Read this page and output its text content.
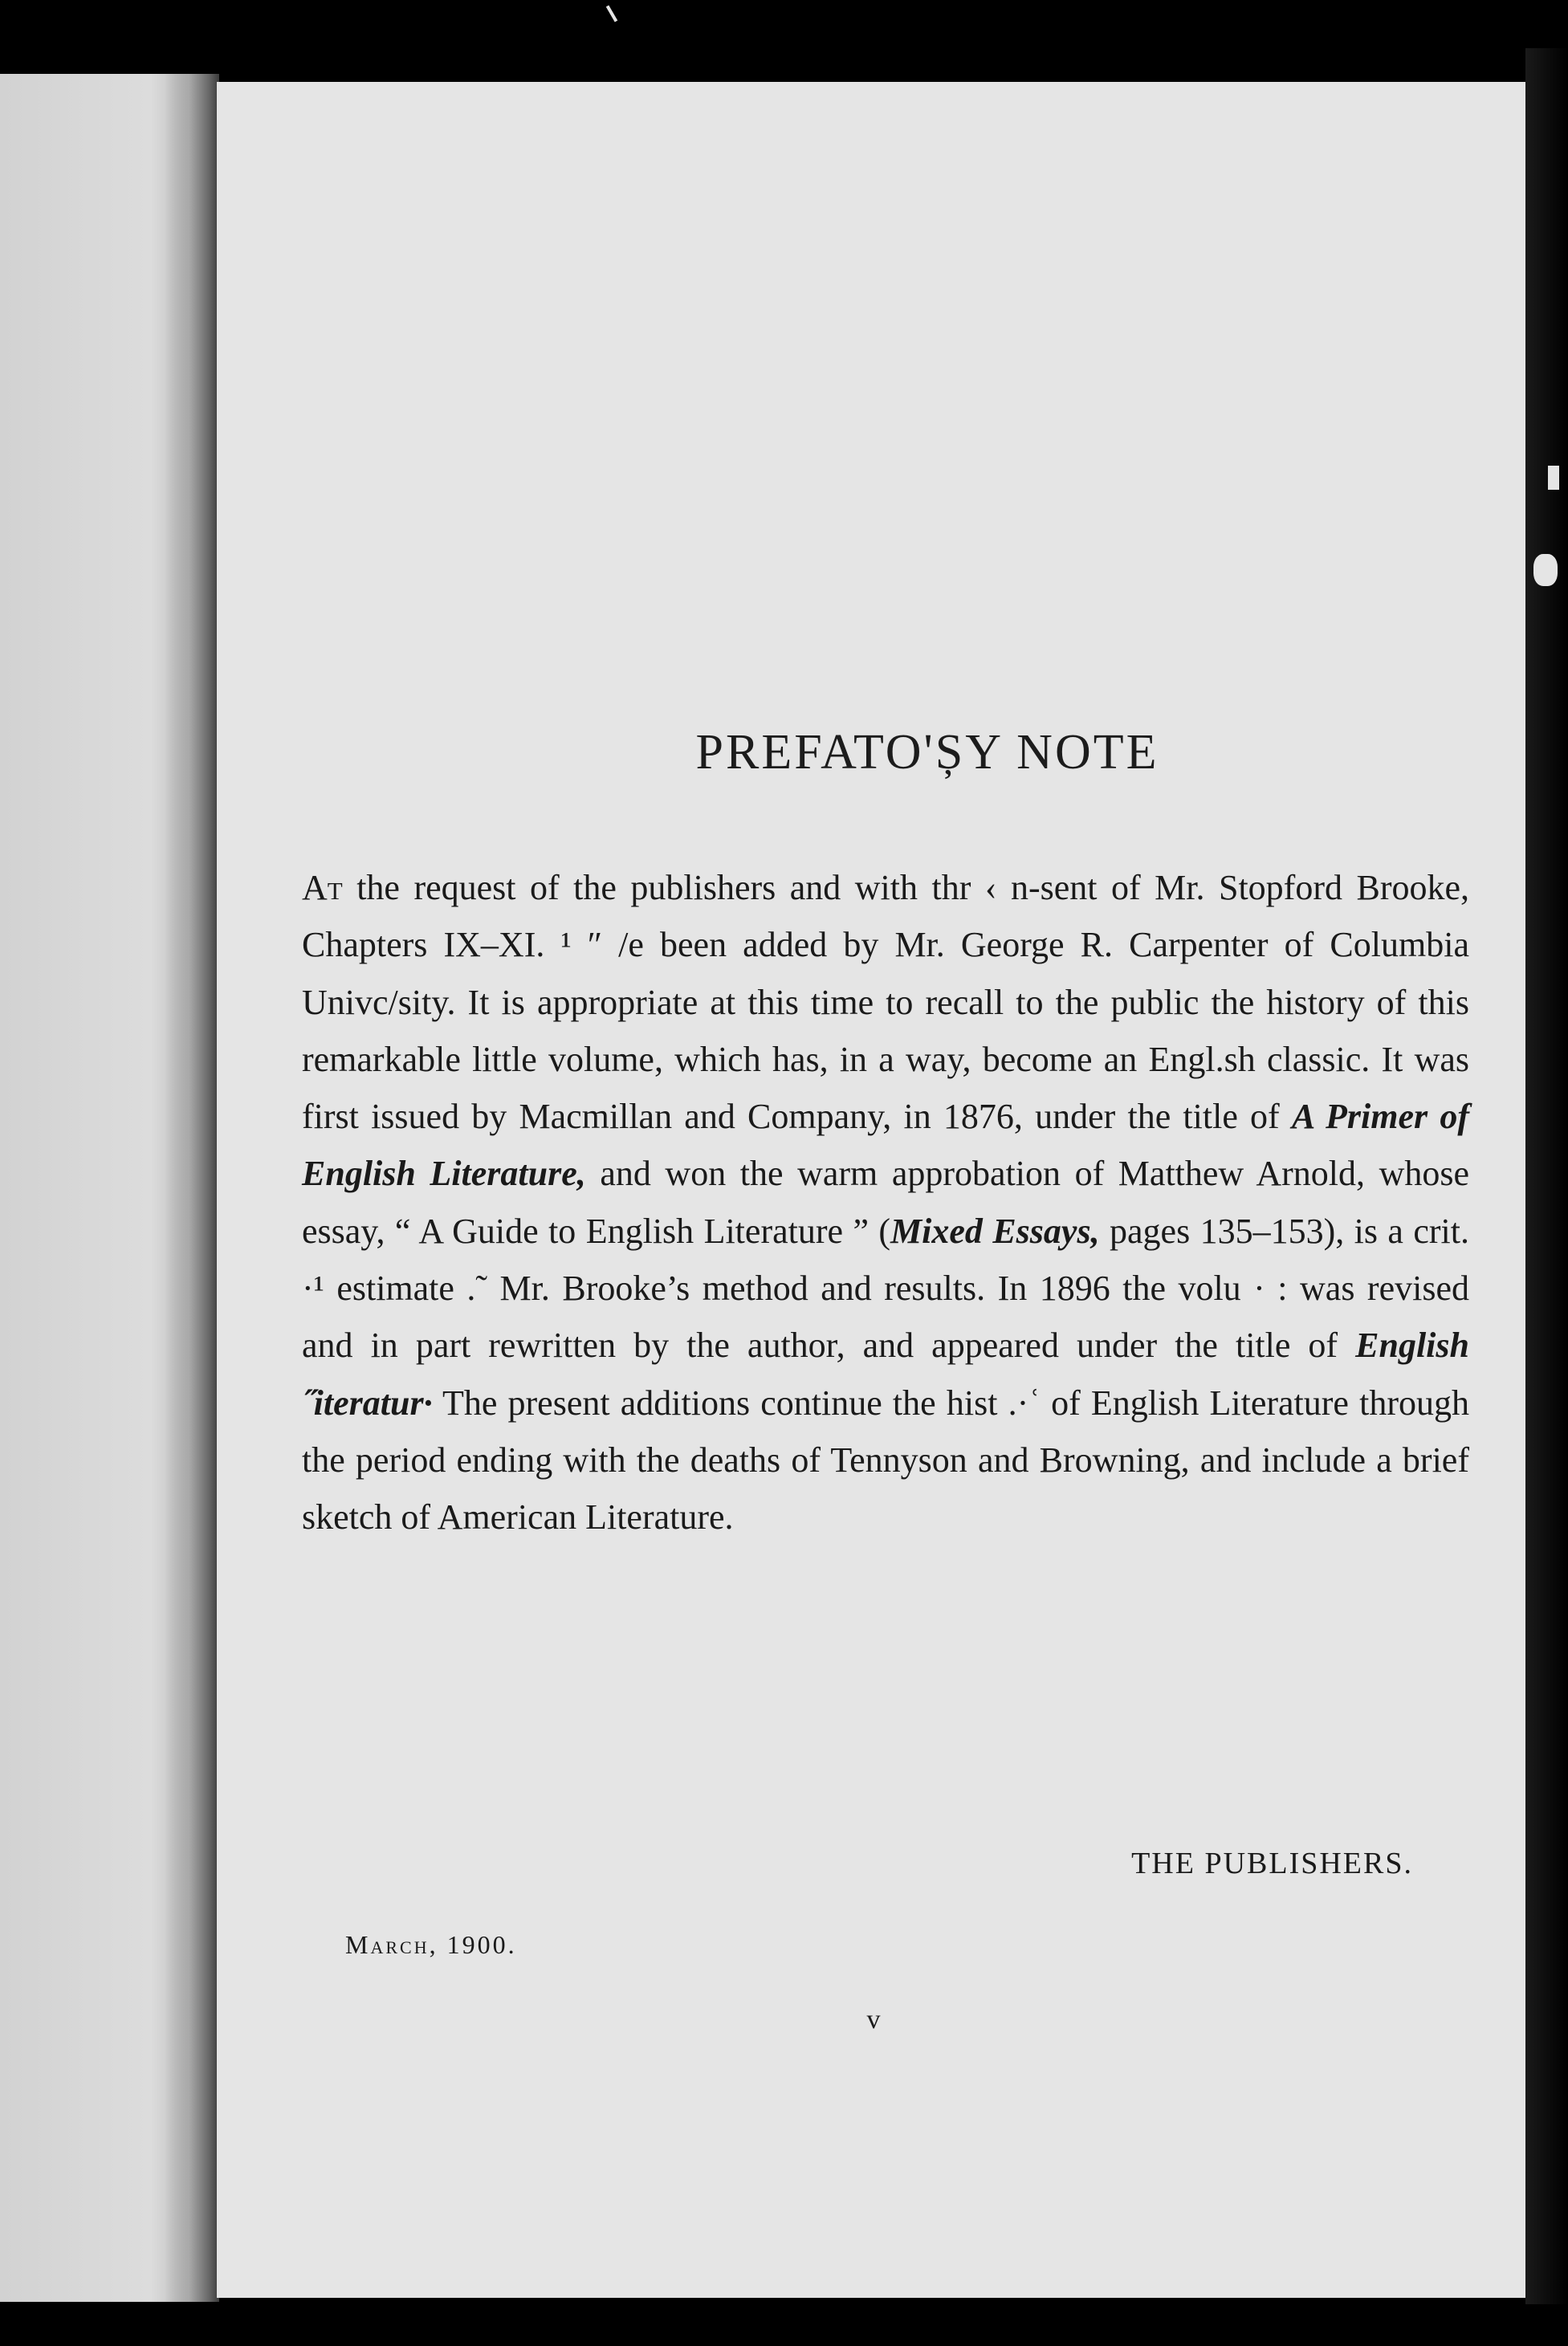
PREFATO'ȘY NOTE

At the request of the publishers and with thr ‹ n-sent of Mr. Stopford Brooke, Chapters IX–XI. ¹ ″ /e been added by Mr. George R. Carpenter of Columbia Univc/sity. It is appropriate at this time to recall to the public the history of this remarkable little volume, which has, in a way, become an Engl.sh classic. It was first issued by Macmillan and Company, in 1876, under the title of A Primer of English Literature, and won the warm approbation of Matthew Arnold, whose essay, “ A Guide to English Literature ” (Mixed Essays, pages 135–153), is a crit. ·¹ estimate .˜ Mr. Brooke’s method and results. In 1896 the volu · : was revised and in part rewritten by the author, and appeared under the title of English ˝iteratur· The present additions continue the hist .·ʿ of English Literature through the period ending with the deaths of Tennyson and Browning, and include a brief sketch of American Literature.

THE PUBLISHERS.

March, 1900.

v
